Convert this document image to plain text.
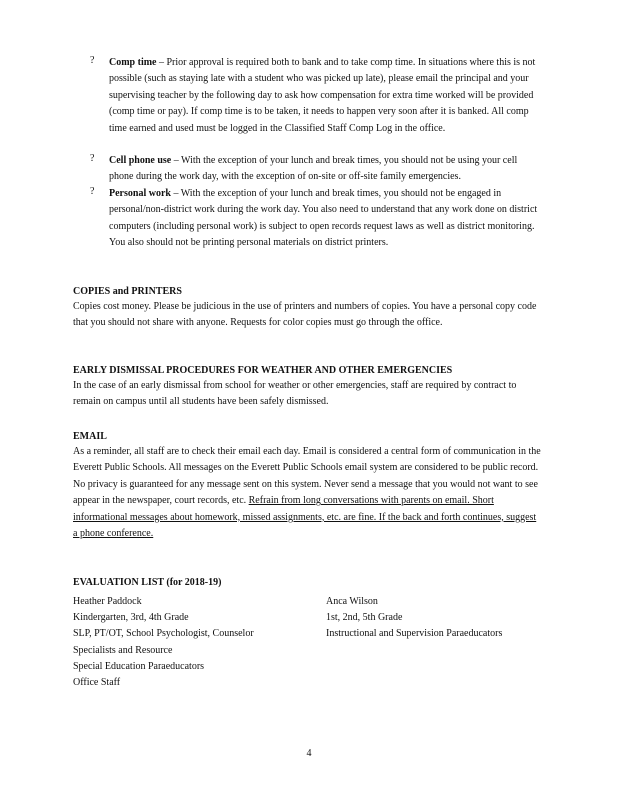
? Comp time – Prior approval is required both to bank and to take comp time. In situations where this is not possible (such as staying late with a student who was picked up late), please email the principal and your supervising teacher by the following day to ask how compensation for extra time worked will be provided (comp time or pay). If comp time is to be taken, it needs to happen very soon after it is banked. All comp time earned and used must be logged in the Classified Staff Comp Log in the office.
? Cell phone use – With the exception of your lunch and break times, you should not be using your cell phone during the work day, with the exception of on-site or off-site family emergencies.
? Personal work – With the exception of your lunch and break times, you should not be engaged in personal/non-district work during the work day. You also need to understand that any work done on district computers (including personal work) is subject to open records request laws as well as district monitoring. You also should not be printing personal materials on district printers.
COPIES and PRINTERS
Copies cost money. Please be judicious in the use of printers and numbers of copies. You have a personal copy code that you should not share with anyone. Requests for color copies must go through the office.
EARLY DISMISSAL PROCEDURES FOR WEATHER AND OTHER EMERGENCIES
In the case of an early dismissal from school for weather or other emergencies, staff are required by contract to remain on campus until all students have been safely dismissed.
EMAIL
As a reminder, all staff are to check their email each day. Email is considered a central form of communication in the Everett Public Schools. All messages on the Everett Public Schools email system are considered to be public record. No privacy is guaranteed for any message sent on this system. Never send a message that you would not want to see appear in the newspaper, court records, etc. Refrain from long conversations with parents on email. Short informational messages about homework, missed assignments, etc. are fine. If the back and forth continues, suggest a phone conference.
EVALUATION LIST (for 2018-19)
Heather Paddock
Kindergarten, 3rd, 4th Grade
SLP, PT/OT, School Psychologist, Counselor
Specialists and Resource
Special Education Paraeducators
Office Staff
Anca Wilson
1st, 2nd, 5th Grade
Instructional and Supervision Paraeducators
4
